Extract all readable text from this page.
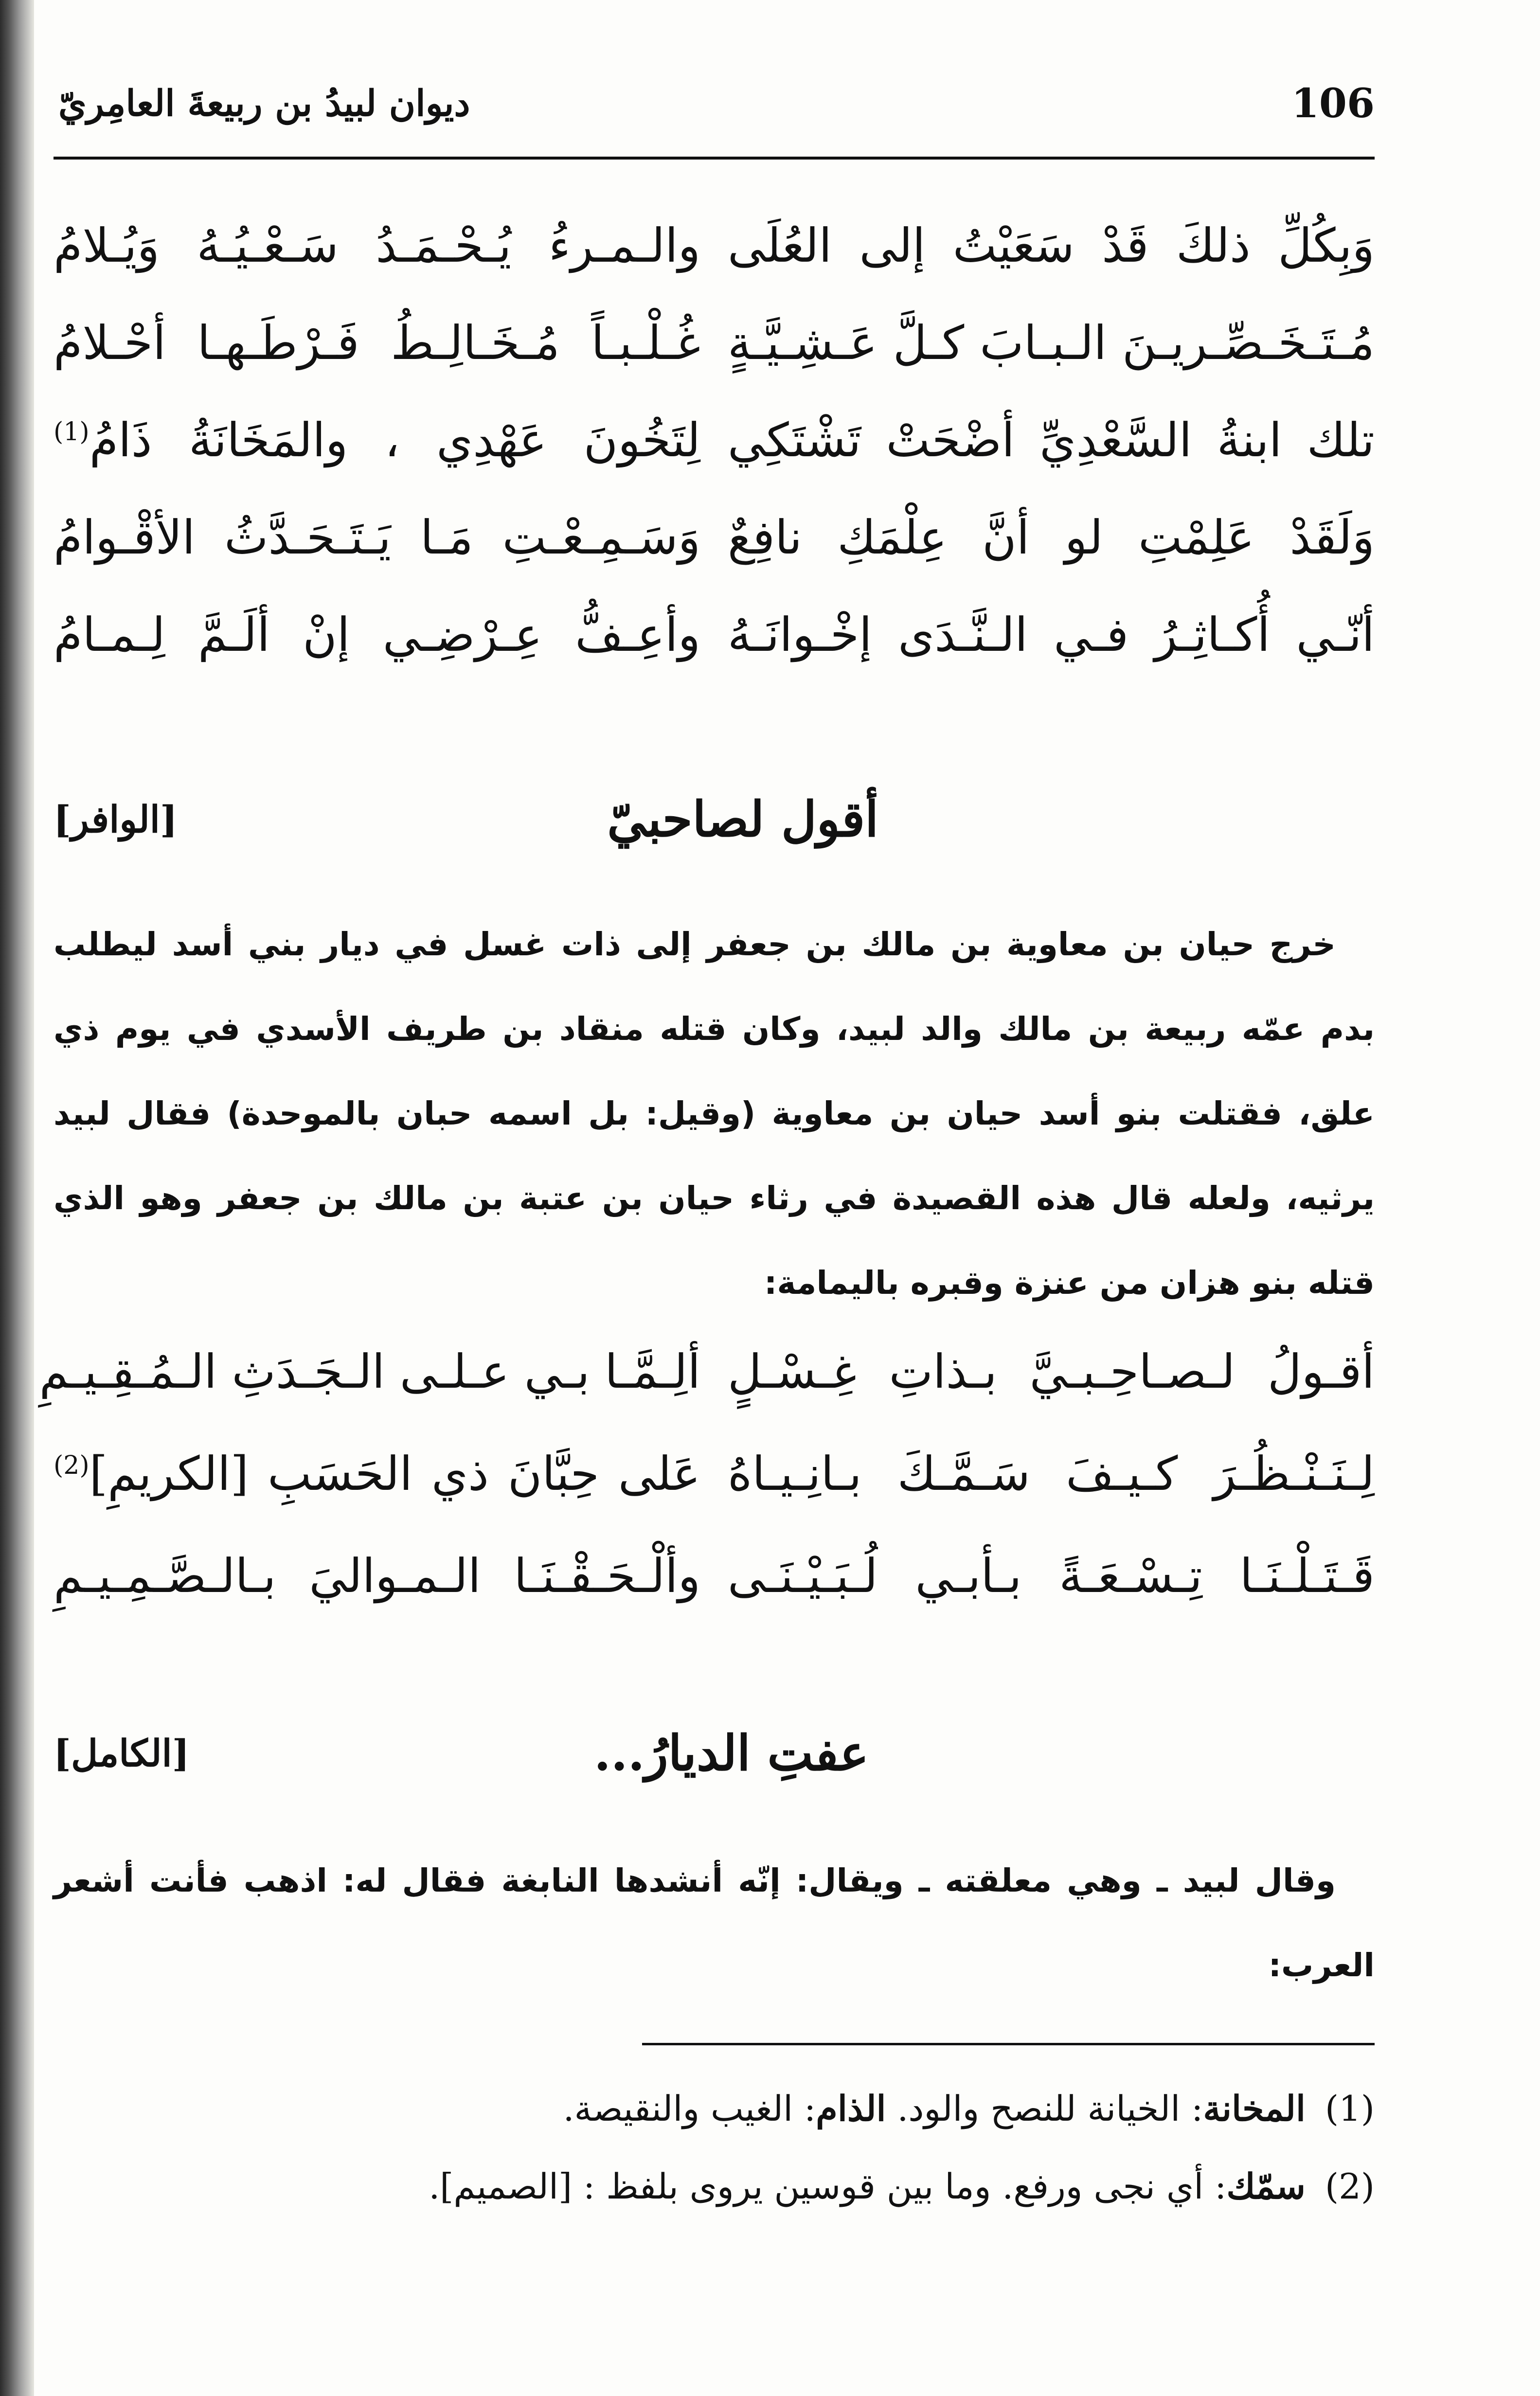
106
ديوان لبيدُ بن ربيعةَ العامِريّ
وَبِكُلِّ ذلكَ قَدْ سَعَيْتُ إلى العُلَى
والـمـرءُ يُـحْـمَـدُ سَـعْـيُـهُ وَيُـلامُ
مُـتَـخَـصِّـريـنَ الـبـابَ كـلَّ عَـشِـيَّـةٍ
غُـلْـبـاً مُـخَـالِـطُ فَـرْطَـهـا أحْـلامُ
تلك ابنةُ السَّعْدِيِّ أضْحَتْ تَشْتَكِي
لِتَخُونَ عَهْدِي ، والمَخَانَةُ ذَامُ$^{(1)}$
وَلَقَدْ عَلِمْتِ لو أنَّ عِلْمَكِ نافِعٌ
وَسَـمِـعْـتِ مَـا يَـتَـحَـدَّثُ الأقْـوامُ
أنّـي أُكـاثِـرُ فـي الـنَّـدَى إخْـوانَـهُ
وأعِـفُّ عِـرْضِـي إنْ ألَـمَّ لِـمـامُ
أقول لصاحبيّ
[الوافر]

خرج حيان بن معاوية بن مالك بن جعفر إلى ذات غسل في ديار بني أسد ليطلب بدم عمّه ربيعة بن مالك والد لبيد، وكان قتله منقاد بن طريف الأسدي في يوم ذي علق، فقتلت بنو أسد حيان بن معاوية (وقيل: بل اسمه حبان بالموحدة) فقال لبيد يرثيه، ولعله قال هذه القصيدة في رثاء حيان بن عتبة بن مالك بن جعفر وهو الذي قتله بنو هزان من عنزة وقبره باليمامة:

أقـولُ لـصـاحِـبـيَّ بـذاتِ غِـسْـلٍ
ألِـمَّـا بـي عـلـى الـجَـدَثِ الـمُـقِـيـمِ
لِـنَـنْـظُـرَ كـيـفَ سَـمَّـكَ بـانِـيـاهُ
عَلى حِبَّانَ ذي الحَسَبِ [الكريمِ]$^{(2)}$
قَـتَـلْـنَـا تِـسْـعَـةً بـأبـي لُـبَـيْـنَـى
وألْـحَـقْـنَـا الـمـواليَ بـالـصَّـمِـيـمِ
عفتِ الديارُ...
[الكامل]

وقال لبيد ـ وهي معلقته ـ ويقال: إنّه أنشدها النابغة فقال له: اذهب فأنت أشعر العرب:

(1)
المخانة: الخيانة للنصح والود. الذام: الغيب والنقيصة.
(2)
سمّك: أي نجى ورفع. وما بين قوسين يروى بلفظ : [الصميم].
